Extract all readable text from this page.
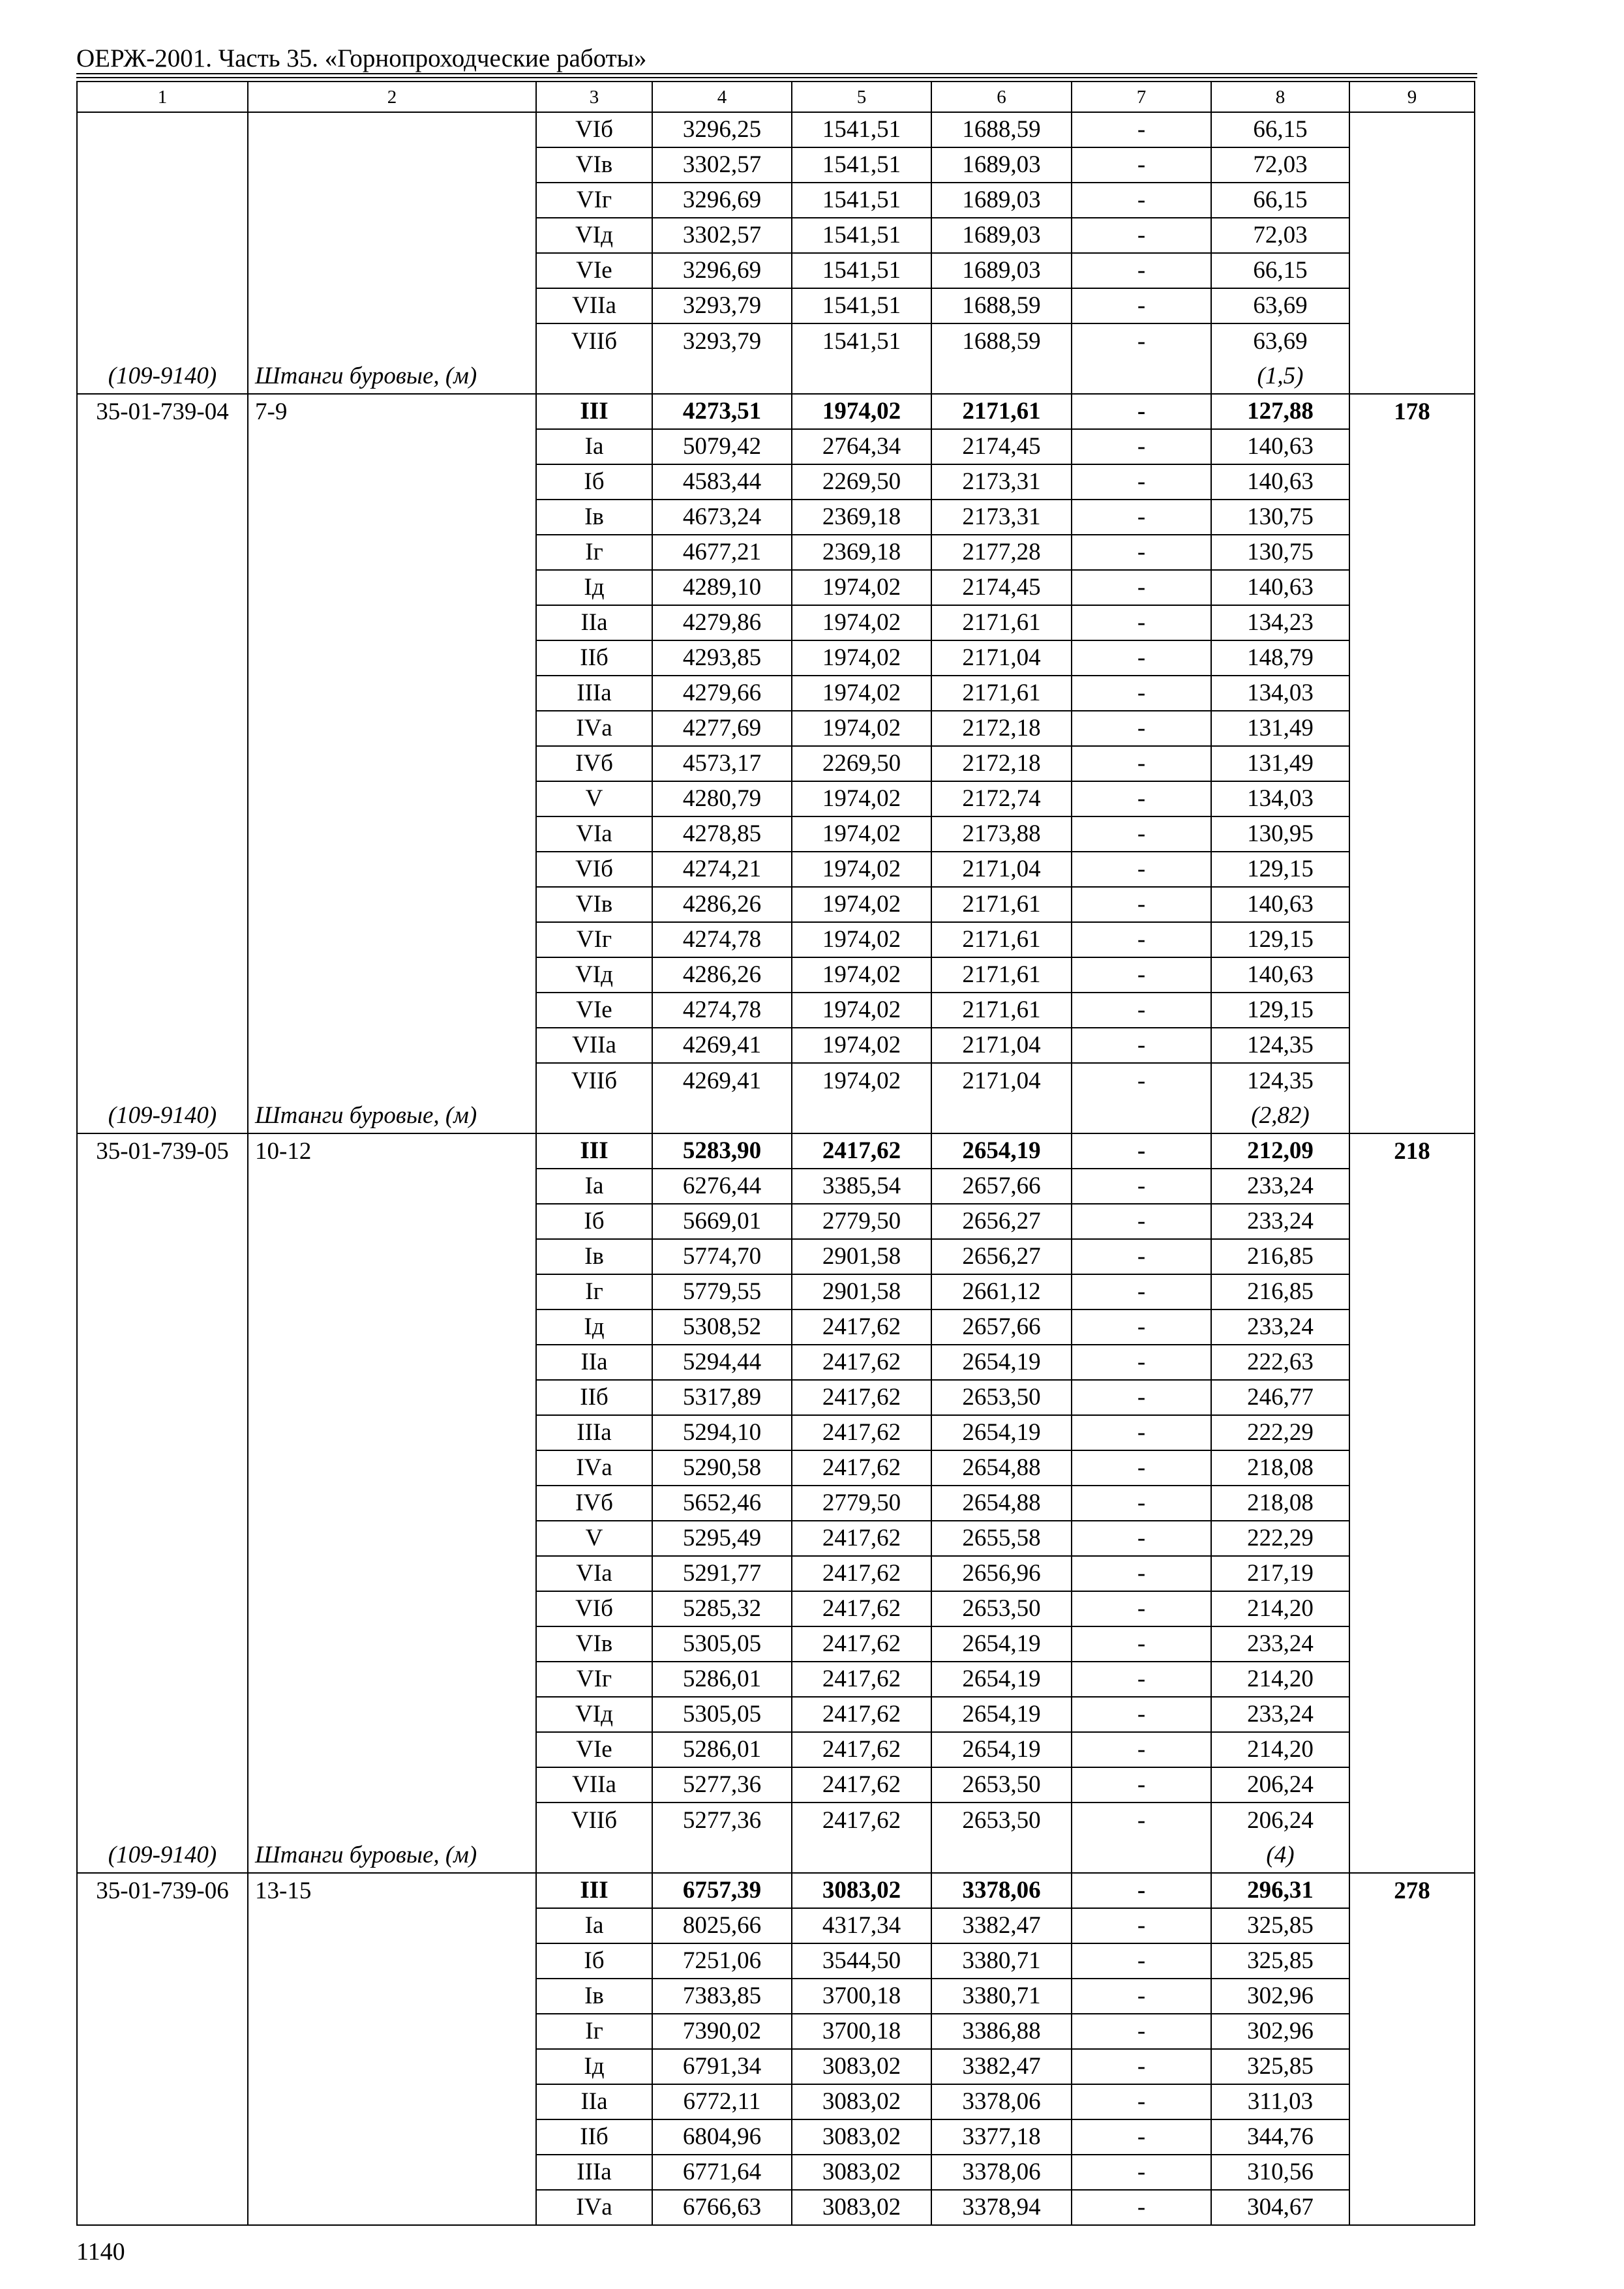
ОЕРЖ-2001. Часть 35. «Горнопроходческие работы»
1	2	3	4	5	6	7	8	9
		VIб	3296,25	1541,51	1688,59	-	66,15	
		VIв	3302,57	1541,51	1689,03	-	72,03	
		VIг	3296,69	1541,51	1689,03	-	66,15	
		VIд	3302,57	1541,51	1689,03	-	72,03	
		VIе	3296,69	1541,51	1689,03	-	66,15	
		VIIа	3293,79	1541,51	1688,59	-	63,69	
		VIIб	3293,79	1541,51	1688,59	-	63,69	
(109-9140)	Штанги буровые, (м)						(1,5)	
35-01-739-04	7-9	III	4273,51	1974,02	2171,61	-	127,88	178
		Iа	5079,42	2764,34	2174,45	-	140,63	
		Iб	4583,44	2269,50	2173,31	-	140,63	
		Iв	4673,24	2369,18	2173,31	-	130,75	
		Iг	4677,21	2369,18	2177,28	-	130,75	
		Iд	4289,10	1974,02	2174,45	-	140,63	
		IIа	4279,86	1974,02	2171,61	-	134,23	
		IIб	4293,85	1974,02	2171,04	-	148,79	
		IIIа	4279,66	1974,02	2171,61	-	134,03	
		IVа	4277,69	1974,02	2172,18	-	131,49	
		IVб	4573,17	2269,50	2172,18	-	131,49	
		V	4280,79	1974,02	2172,74	-	134,03	
		VIа	4278,85	1974,02	2173,88	-	130,95	
		VIб	4274,21	1974,02	2171,04	-	129,15	
		VIв	4286,26	1974,02	2171,61	-	140,63	
		VIг	4274,78	1974,02	2171,61	-	129,15	
		VIд	4286,26	1974,02	2171,61	-	140,63	
		VIе	4274,78	1974,02	2171,61	-	129,15	
		VIIа	4269,41	1974,02	2171,04	-	124,35	
		VIIб	4269,41	1974,02	2171,04	-	124,35	
(109-9140)	Штанги буровые, (м)						(2,82)	
35-01-739-05	10-12	III	5283,90	2417,62	2654,19	-	212,09	218
		Iа	6276,44	3385,54	2657,66	-	233,24	
		Iб	5669,01	2779,50	2656,27	-	233,24	
		Iв	5774,70	2901,58	2656,27	-	216,85	
		Iг	5779,55	2901,58	2661,12	-	216,85	
		Iд	5308,52	2417,62	2657,66	-	233,24	
		IIа	5294,44	2417,62	2654,19	-	222,63	
		IIб	5317,89	2417,62	2653,50	-	246,77	
		IIIа	5294,10	2417,62	2654,19	-	222,29	
		IVа	5290,58	2417,62	2654,88	-	218,08	
		IVб	5652,46	2779,50	2654,88	-	218,08	
		V	5295,49	2417,62	2655,58	-	222,29	
		VIа	5291,77	2417,62	2656,96	-	217,19	
		VIб	5285,32	2417,62	2653,50	-	214,20	
		VIв	5305,05	2417,62	2654,19	-	233,24	
		VIг	5286,01	2417,62	2654,19	-	214,20	
		VIд	5305,05	2417,62	2654,19	-	233,24	
		VIе	5286,01	2417,62	2654,19	-	214,20	
		VIIа	5277,36	2417,62	2653,50	-	206,24	
		VIIб	5277,36	2417,62	2653,50	-	206,24	
(109-9140)	Штанги буровые, (м)						(4)	
35-01-739-06	13-15	III	6757,39	3083,02	3378,06	-	296,31	278
		Iа	8025,66	4317,34	3382,47	-	325,85	
		Iб	7251,06	3544,50	3380,71	-	325,85	
		Iв	7383,85	3700,18	3380,71	-	302,96	
		Iг	7390,02	3700,18	3386,88	-	302,96	
		Iд	6791,34	3083,02	3382,47	-	325,85	
		IIа	6772,11	3083,02	3378,06	-	311,03	
		IIб	6804,96	3083,02	3377,18	-	344,76	
		IIIа	6771,64	3083,02	3378,06	-	310,56	
		IVа	6766,63	3083,02	3378,94	-	304,67	
1140
